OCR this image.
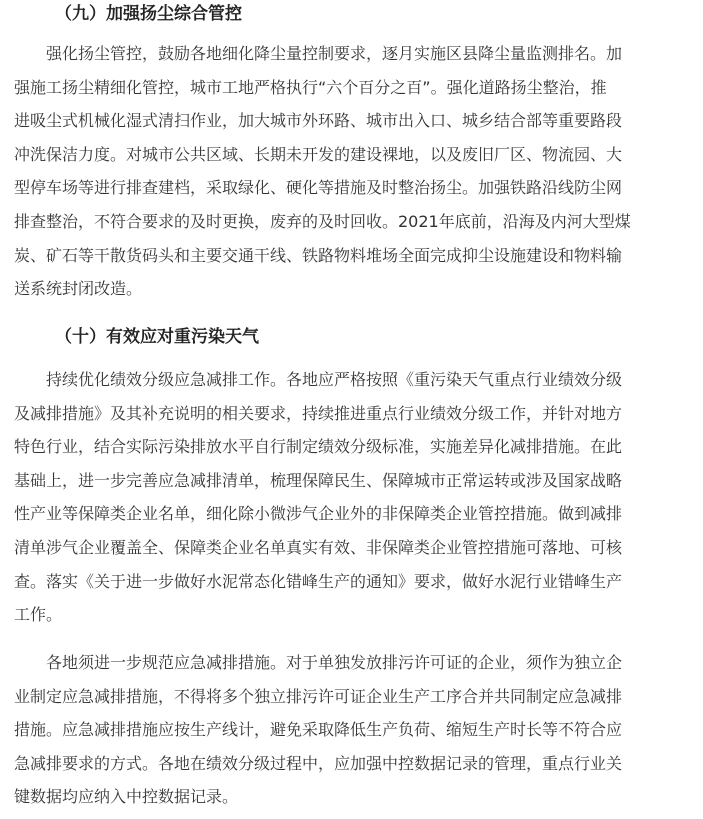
（九）加强扬尘综合管控
强化扬尘管控，鼓励各地细化降尘量控制要求，逐月实施区县降尘量监测排名。加
强施工扬尘精细化管控，城市工地严格执行“六个百分之百”。强化道路扬尘整治，推
进吸尘式机械化湿式清扫作业，加大城市外环路、城市出入口、城乡结合部等重要路段
冲洗保洁力度。对城市公共区域、长期未开发的建设裸地，以及废旧厂区、物流园、大
型停车场等进行排查建档，采取绿化、硬化等措施及时整治扬尘。加强铁路沿线防尘网
排查整治，不符合要求的及时更换，废弃的及时回收。2021年底前，沿海及内河大型煤
炭、矿石等干散货码头和主要交通干线、铁路物料堆场全面完成抑尘设施建设和物料输
送系统封闭改造。
（十）有效应对重污染天气
持续优化绩效分级应急减排工作。各地应严格按照《重污染天气重点行业绩效分级
及减排措施》及其补充说明的相关要求，持续推进重点行业绩效分级工作，并针对地方
特色行业，结合实际污染排放水平自行制定绩效分级标准，实施差异化减排措施。在此
基础上，进一步完善应急减排清单，梳理保障民生、保障城市正常运转或涉及国家战略
性产业等保障类企业名单，细化除小微涉气企业外的非保障类企业管控措施。做到减排
清单涉气企业覆盖全、保障类企业名单真实有效、非保障类企业管控措施可落地、可核
查。落实《关于进一步做好水泥常态化错峰生产的通知》要求，做好水泥行业错峰生产
工作。
各地须进一步规范应急减排措施。对于单独发放排污许可证的企业，须作为独立企
业制定应急减排措施，不得将多个独立排污许可证企业生产工序合并共同制定应急减排
措施。应急减排措施应按生产线计，避免采取降低生产负荷、缩短生产时长等不符合应
急减排要求的方式。各地在绩效分级过程中，应加强中控数据记录的管理，重点行业关
键数据均应纳入中控数据记录。
